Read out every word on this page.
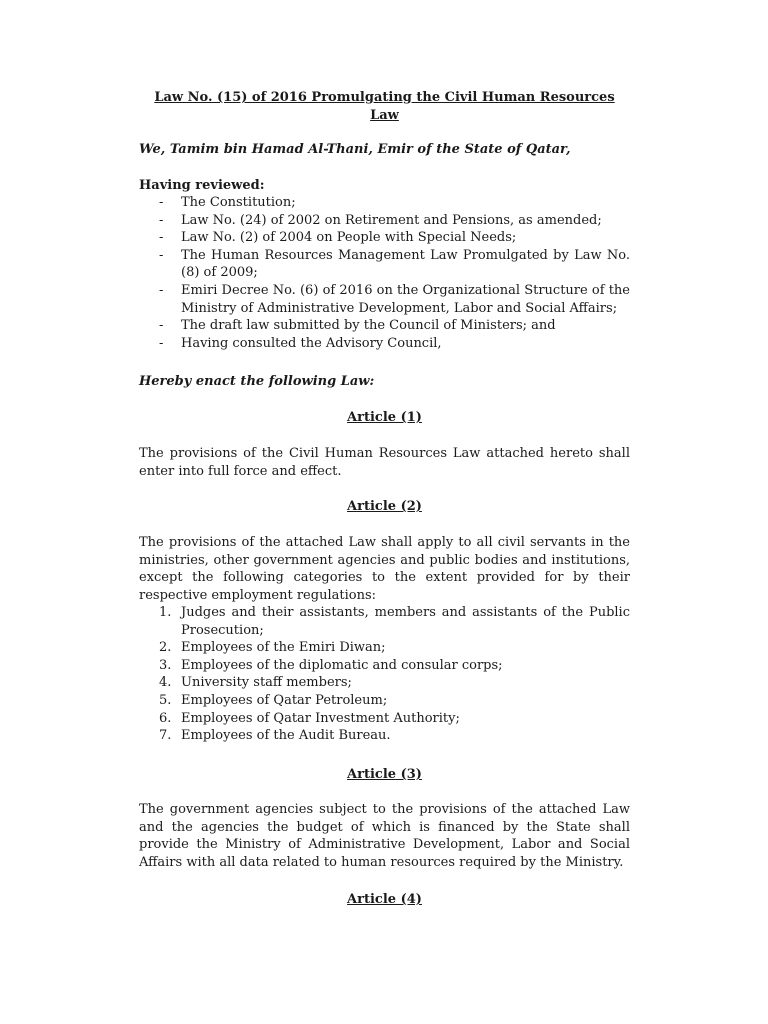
Law No. (15) of 2016 Promulgating the Civil Human Resources Law
We, Tamim bin Hamad Al-Thani, Emir of the State of Qatar,
Having reviewed:
-	The Constitution;
-	Law No. (24) of 2002 on Retirement and Pensions, as amended;
-	Law No. (2) of 2004 on People with Special Needs;
-	The Human Resources Management Law Promulgated by Law No. (8) of 2009;
-	Emiri Decree No. (6) of 2016 on the Organizational Structure of the Ministry of Administrative Development, Labor and Social Affairs;
-	The draft law submitted by the Council of Ministers; and
-	Having consulted the Advisory Council,
Hereby enact the following Law:
Article (1)
The provisions of the Civil Human Resources Law attached hereto shall enter into full force and effect.
Article (2)
The provisions of the attached Law shall apply to all civil servants in the ministries, other government agencies and public bodies and institutions, except the following categories to the extent provided for by their respective employment regulations:
1. Judges and their assistants, members and assistants of the Public Prosecution;
2. Employees of the Emiri Diwan;
3. Employees of the diplomatic and consular corps;
4. University staff members;
5. Employees of Qatar Petroleum;
6. Employees of Qatar Investment Authority;
7. Employees of the Audit Bureau.
Article (3)
The government agencies subject to the provisions of the attached Law and the agencies the budget of which is financed by the State shall provide the Ministry of Administrative Development, Labor and Social Affairs with all data related to human resources required by the Ministry.
Article (4)
